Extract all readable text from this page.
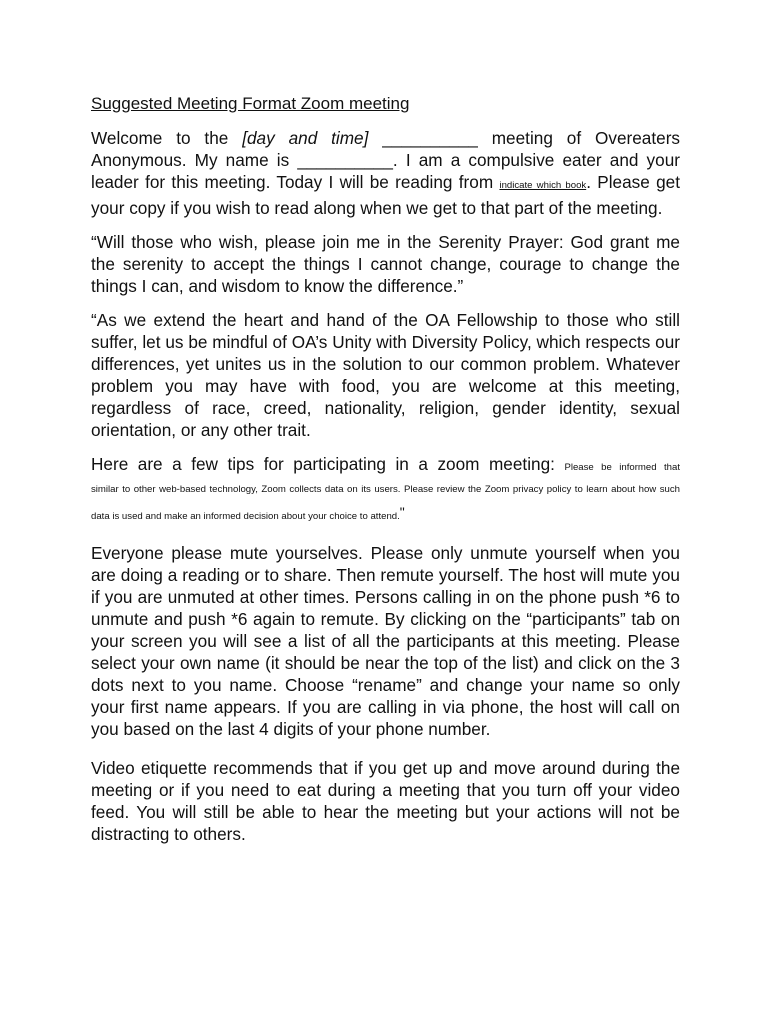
Suggested Meeting Format Zoom meeting

Welcome to the [day and time] __________ meeting of Overeaters Anonymous. My name is __________. I am a compulsive eater and your leader for this meeting. Today I will be reading from indicate which book. Please get your copy if you wish to read along when we get to that part of the meeting.

“Will those who wish, please join me in the Serenity Prayer: God grant me the serenity to accept the things I cannot change, courage to change the things I can, and wisdom to know the difference.”

“As we extend the heart and hand of the OA Fellowship to those who still suffer, let us be mindful of OA’s Unity with Diversity Policy, which respects our differences, yet unites us in the solution to our common problem. Whatever problem you may have with food, you are welcome at this meeting, regardless of race, creed, nationality, religion, gender identity, sexual orientation, or any other trait.

Here are a few tips for participating in a zoom meeting: Please be informed that

similar to other web-based technology, Zoom collects data on its users. Please review the Zoom privacy policy to learn about how such data is used and make an informed decision about your choice to attend."

Everyone please mute yourselves. Please only unmute yourself when you are doing a reading or to share. Then remute yourself. The host will mute you if you are unmuted at other times. Persons calling in on the phone push *6 to unmute and push *6 again to remute. By clicking on the “participants” tab on your screen you will see a list of all the participants at this meeting. Please select your own name (it should be near the top of the list) and click on the 3 dots next to you name. Choose “rename” and change your name so only your first name appears. If you are calling in via phone, the host will call on you based on the last 4 digits of your phone number.

Video etiquette recommends that if you get up and move around during the meeting or if you need to eat during a meeting that you turn off your video feed. You will still be able to hear the meeting but your actions will not be distracting to others.
